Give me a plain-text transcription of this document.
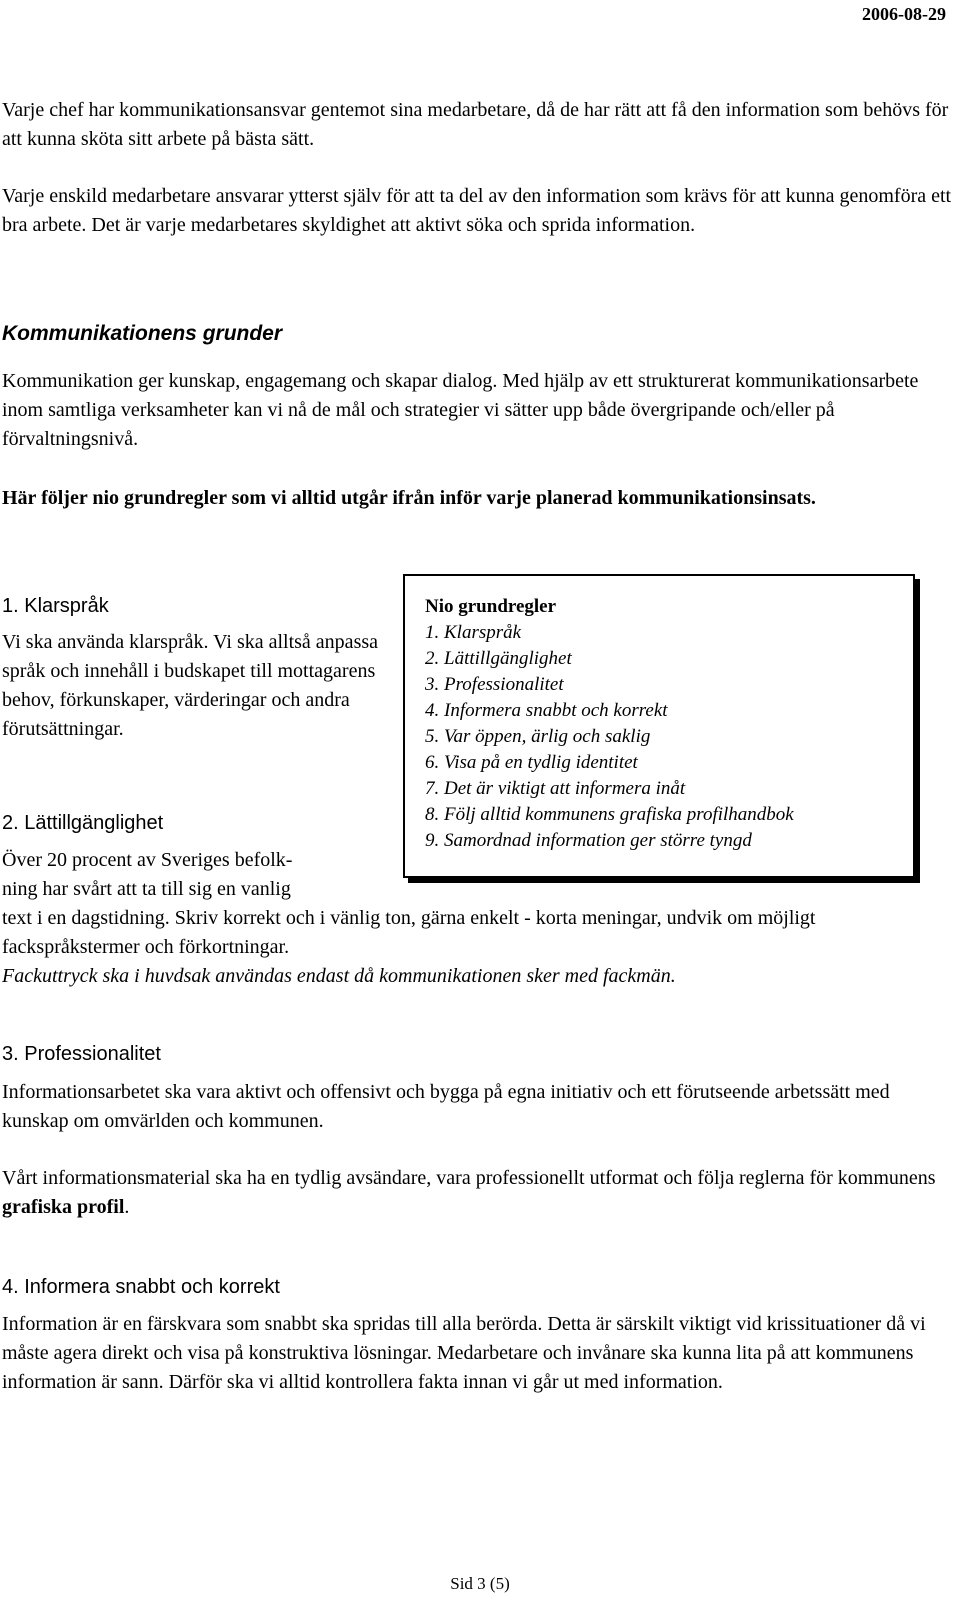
2006-08-29

Varje chef har kommunikationsansvar gentemot sina medarbetare, då de har rätt att få den information som behövs för att kunna sköta sitt arbete på bästa sätt.

Varje enskild medarbetare ansvarar ytterst själv för att ta del av den information som krävs för att kunna genomföra ett bra arbete. Det är varje medarbetares skyldighet att aktivt söka och sprida information.

Kommunikationens grunder

Kommunikation ger kunskap, engagemang och skapar dialog. Med hjälp av ett strukturerat kommunikationsarbete inom samtliga verksamheter kan vi nå de mål och strategier vi sätter upp både övergripande och/eller på förvaltningsnivå.

Här följer nio grundregler som vi alltid utgår ifrån inför varje planerad kommunikationsinsats.

Nio grundregler
1. Klarspråk
2. Lättillgänglighet
3. Professionalitet
4. Informera snabbt och korrekt
5. Var öppen, ärlig och saklig
6. Visa på en tydlig identitet
7. Det är viktigt att informera inåt
8. Följ alltid kommunens grafiska profilhandbok
9. Samordnad information ger större tyngd
1. Klarspråk

Vi ska använda klarspråk. Vi ska alltså anpassa språk och innehåll i budskapet till mottagarens behov, förkunskaper, värderingar och andra förutsättningar.

2. Lättillgänglighet
Över 20 procent av Sveriges befolk-
ning har svårt att ta till sig en vanlig

text i en dagstidning. Skriv korrekt och i vänlig ton, gärna enkelt - korta meningar, undvik om möjligt fackspråkstermer och förkortningar.

Fackuttryck ska i huvdsak användas endast då kommunikationen sker med fackmän.

3. Professionalitet

Informationsarbetet ska vara aktivt och offensivt och bygga på egna initiativ och ett förutseende arbetssätt med kunskap om omvärlden och kommunen.

Vårt informationsmaterial ska ha en tydlig avsändare, vara professionellt utformat och följa reglerna för kommunens grafiska profil.

4. Informera snabbt och korrekt

Information är en färskvara som snabbt ska spridas till alla berörda. Detta är särskilt viktigt vid krissituationer då vi måste agera direkt och visa på konstruktiva lösningar. Medarbetare och invånare ska kunna lita på att kommunens information är sann. Därför ska vi alltid kontrollera fakta innan vi går ut med information.

Sid 3 (5)
